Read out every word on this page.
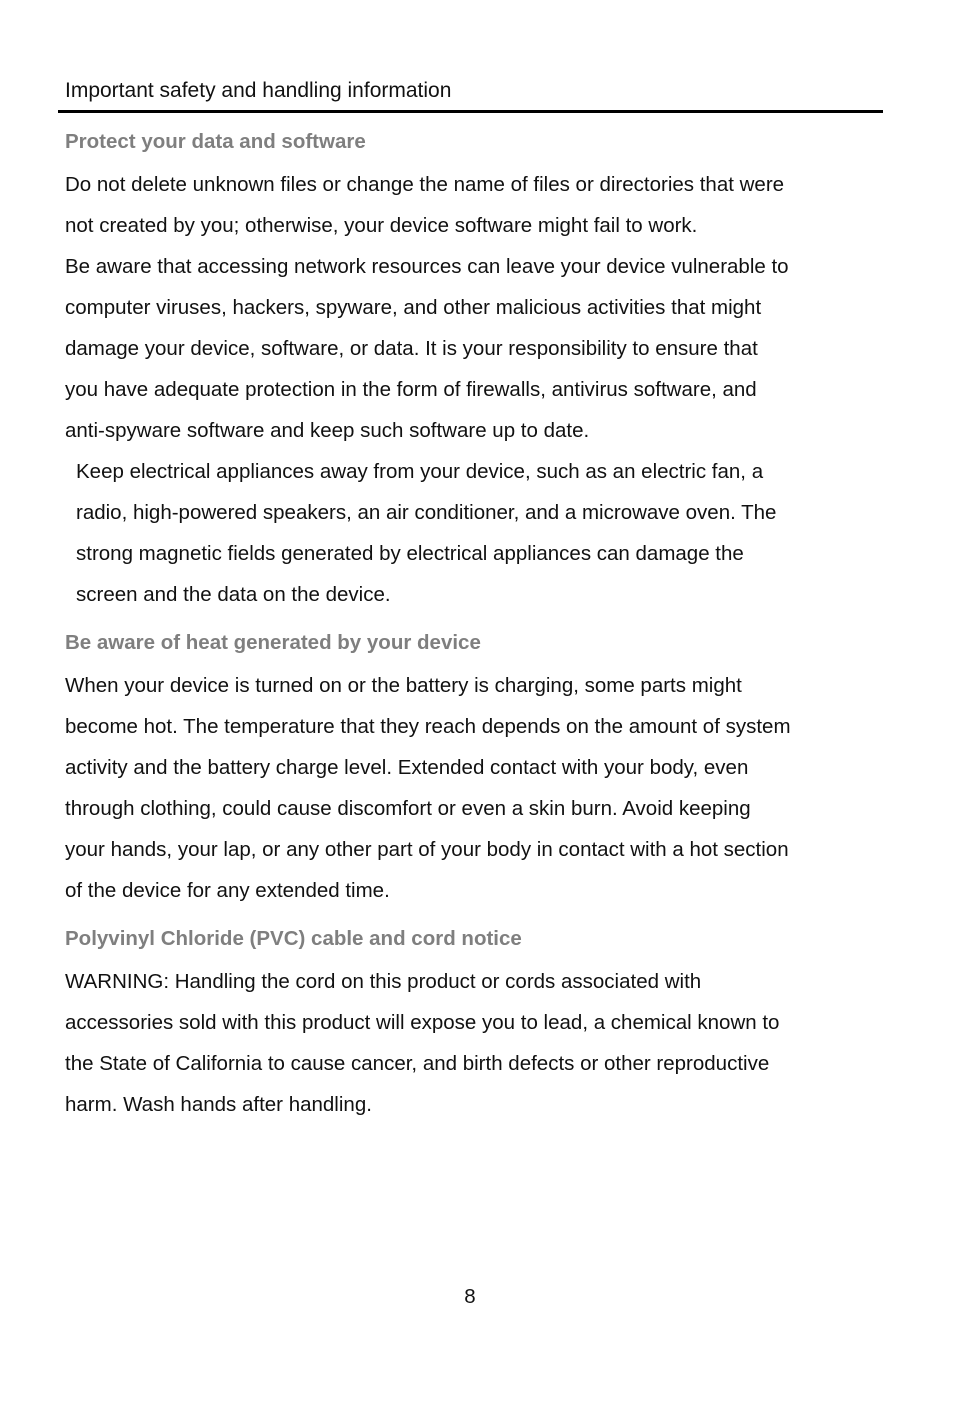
Important safety and handling information
Protect your data and software

Do not delete unknown files or change the name of files or directories that were
not created by you; otherwise, your device software might fail to work.

Be aware that accessing network resources can leave your device vulnerable to
computer viruses, hackers, spyware, and other malicious activities that might
damage your device, software, or data. It is your responsibility to ensure that
you have adequate protection in the form of firewalls, antivirus software, and
anti-spyware software and keep such software up to date.

Keep electrical appliances away from your device, such as an electric fan, a
radio, high-powered speakers, an air conditioner, and a microwave oven. The
strong magnetic fields generated by electrical appliances can damage the
screen and the data on the device.

Be aware of heat generated by your device

When your device is turned on or the battery is charging, some parts might
become hot. The temperature that they reach depends on the amount of system
activity and the battery charge level. Extended contact with your body, even
through clothing, could cause discomfort or even a skin burn. Avoid keeping
your hands, your lap, or any other part of your body in contact with a hot section
of the device for any extended time.

Polyvinyl Chloride (PVC) cable and cord notice

WARNING: Handling the cord on this product or cords associated with
accessories sold with this product will expose you to lead, a chemical known to
the State of California to cause cancer, and birth defects or other reproductive
harm. Wash hands after handling.

8
